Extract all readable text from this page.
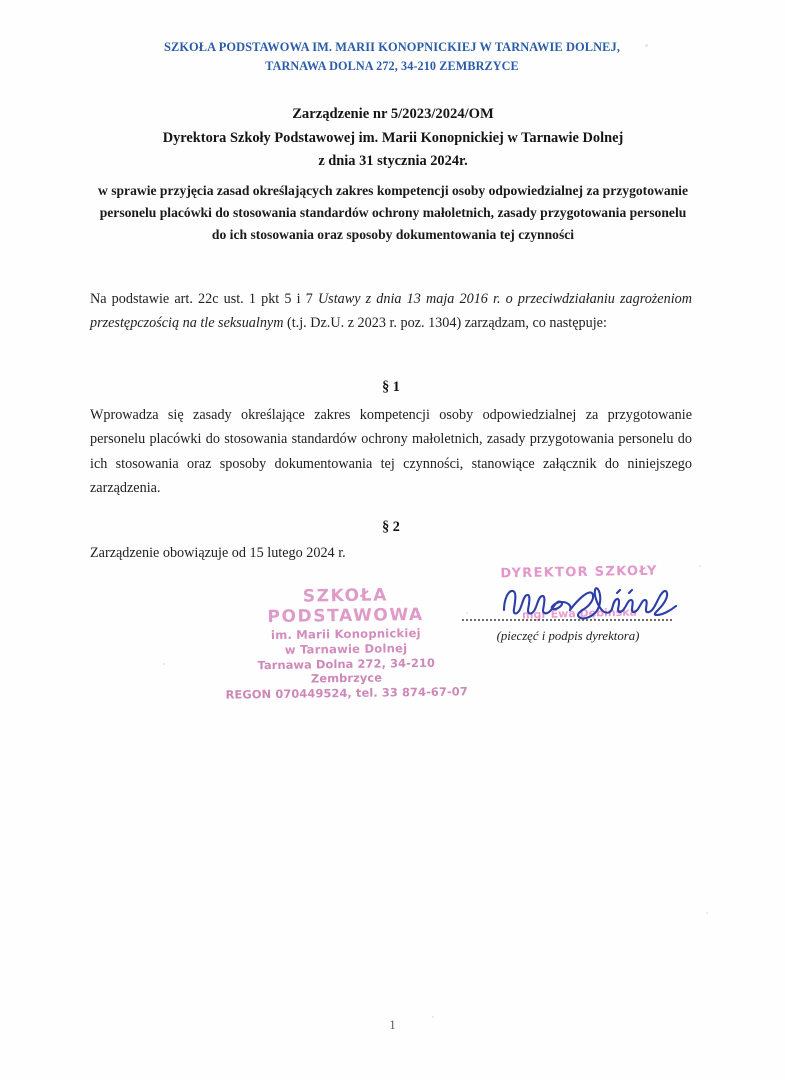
SZKOŁA PODSTAWOWA IM. MARII KONOPNICKIEJ W TARNAWIE DOLNEJ,
TARNAWA DOLNA 272, 34-210 ZEMBRZYCE
Zarządzenie nr 5/2023/2024/OM
Dyrektora Szkoły Podstawowej im. Marii Konopnickiej w Tarnawie Dolnej
z dnia 31 stycznia 2024r.
w sprawie przyjęcia zasad określających zakres kompetencji osoby odpowiedzialnej za przygotowanie personelu placówki do stosowania standardów ochrony małoletnich, zasady przygotowania personelu do ich stosowania oraz sposoby dokumentowania tej czynności
Na podstawie art. 22c ust. 1 pkt 5 i 7 Ustawy z dnia 13 maja 2016 r. o przeciwdziałaniu zagrożeniom przestępczością na tle seksualnym (t.j. Dz.U. z 2023 r. poz. 1304) zarządzam, co następuje:
§ 1
Wprowadza się zasady określające zakres kompetencji osoby odpowiedzialnej za przygotowanie personelu placówki do stosowania standardów ochrony małoletnich, zasady przygotowania personelu do ich stosowania oraz sposoby dokumentowania tej czynności, stanowiące załącznik do niniejszego zarządzenia.
§ 2
Zarządzenie obowiązuje od 15 lutego 2024 r.
SZKOŁA PODSTAWOWA
im. Marii Konopnickiej
w Tarnawie Dolnej
Tarnawa Dolna 272, 34-210 Zembrzyce
REGON 070449524, tel. 33 874-67-07
DYREKTOR SZKOŁY
mgr Ewa Dębińska
(pieczęć i podpis dyrektora)
1
